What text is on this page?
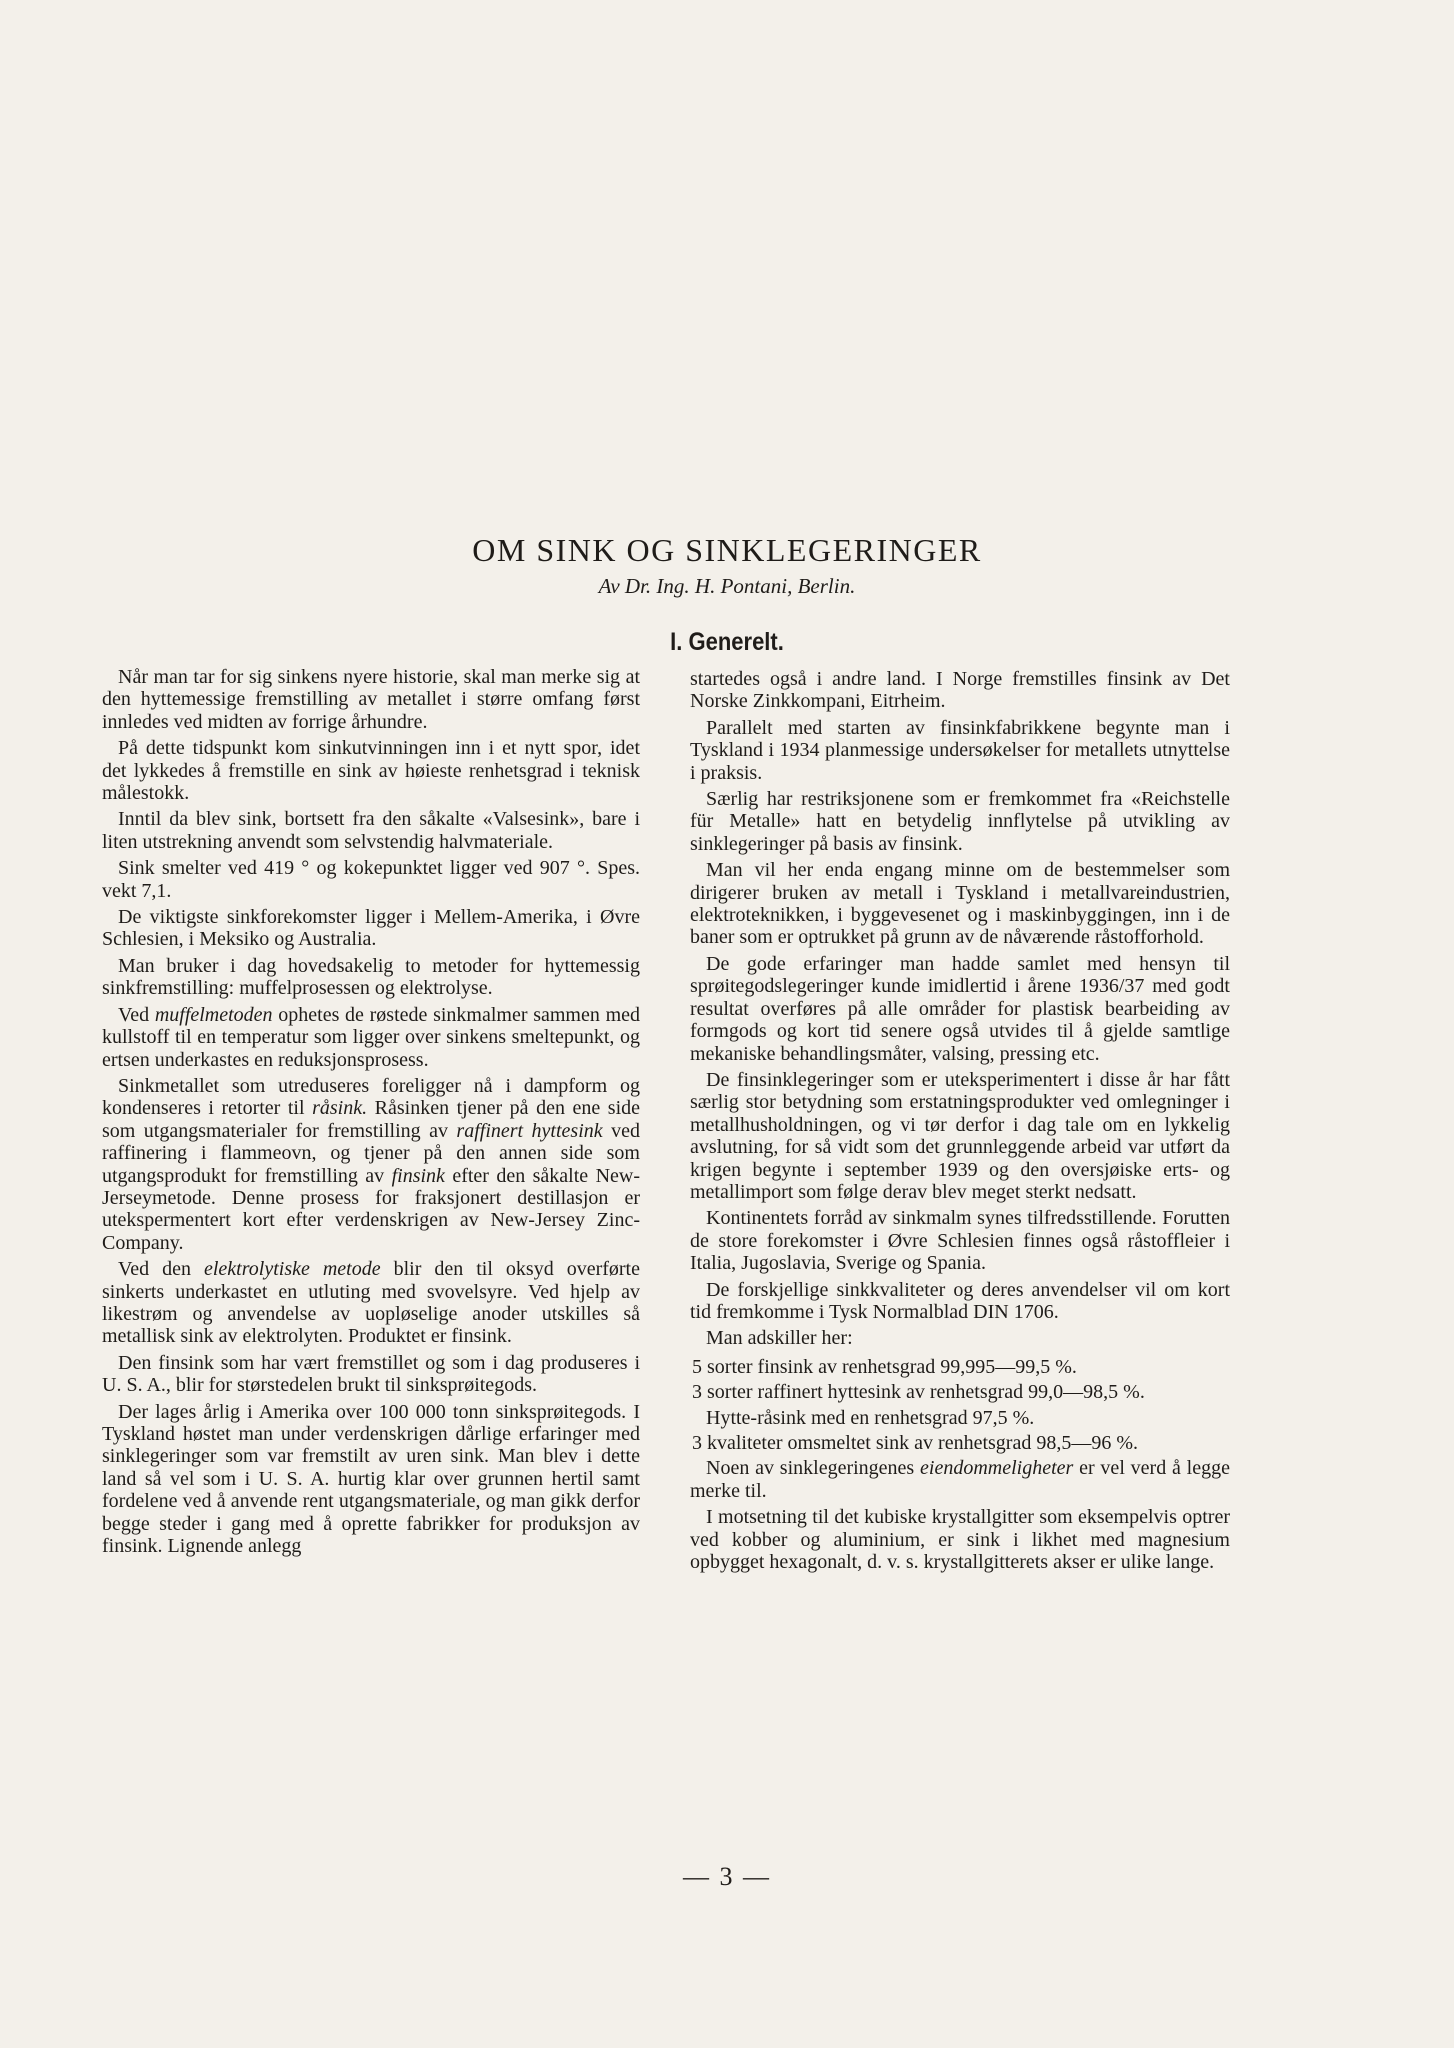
OM SINK OG SINKLEGERINGER
Av Dr. Ing. H. Pontani, Berlin.
I. Generelt.

Når man tar for sig sinkens nyere historie, skal man merke sig at den hyttemessige fremstilling av metallet i større omfang først innledes ved midten av forrige århundre.

På dette tidspunkt kom sinkutvinningen inn i et nytt spor, idet det lykkedes å fremstille en sink av høieste renhetsgrad i teknisk målestokk.

Inntil da blev sink, bortsett fra den såkalte «Valsesink», bare i liten utstrekning anvendt som selvstendig halvmateriale.

Sink smelter ved 419 ° og kokepunktet ligger ved 907 °. Spes. vekt 7,1.

De viktigste sinkforekomster ligger i Mellem-Amerika, i Øvre Schlesien, i Meksiko og Australia.

Man bruker i dag hovedsakelig to metoder for hyttemessig sinkfremstilling: muffelprosessen og elektrolyse.

Ved muffelmetoden ophetes de røstede sinkmalmer sammen med kullstoff til en temperatur som ligger over sinkens smeltepunkt, og ertsen underkastes en reduksjonsprosess.

Sinkmetallet som utreduseres foreligger nå i dampform og kondenseres i retorter til råsink. Råsinken tjener på den ene side som utgangsmaterialer for fremstilling av raffinert hyttesink ved raffinering i flammeovn, og tjener på den annen side som utgangsprodukt for fremstilling av finsink efter den såkalte New-Jerseymetode. Denne prosess for fraksjonert destillasjon er utekspermentert kort efter verdenskrigen av New-Jersey Zinc-Company.

Ved den elektrolytiske metode blir den til oksyd overførte sinkerts underkastet en utluting med svovelsyre. Ved hjelp av likestrøm og anvendelse av uopløselige anoder utskilles så metallisk sink av elektrolyten. Produktet er finsink.

Den finsink som har vært fremstillet og som i dag produseres i U. S. A., blir for størstedelen brukt til sinksprøitegods.

Der lages årlig i Amerika over 100 000 tonn sinksprøitegods. I Tyskland høstet man under verdenskrigen dårlige erfaringer med sinklegeringer som var fremstilt av uren sink. Man blev i dette land så vel som i U. S. A. hurtig klar over grunnen hertil samt fordelene ved å anvende rent utgangsmateriale, og man gikk derfor begge steder i gang med å oprette fabrikker for produksjon av finsink. Lignende anlegg

startedes også i andre land. I Norge fremstilles finsink av Det Norske Zinkkompani, Eitrheim.

Parallelt med starten av finsinkfabrikkene begynte man i Tyskland i 1934 planmessige undersøkelser for metallets utnyttelse i praksis.

Særlig har restriksjonene som er fremkommet fra «Reichstelle für Metalle» hatt en betydelig innflytelse på utvikling av sinklegeringer på basis av finsink.

Man vil her enda engang minne om de bestemmelser som dirigerer bruken av metall i Tyskland i metallvareindustrien, elektroteknikken, i byggevesenet og i maskinbyggingen, inn i de baner som er optrukket på grunn av de nåværende råstofforhold.

De gode erfaringer man hadde samlet med hensyn til sprøitegodslegeringer kunde imidlertid i årene 1936/37 med godt resultat overføres på alle områder for plastisk bearbeiding av formgods og kort tid senere også utvides til å gjelde samtlige mekaniske behandlingsmåter, valsing, pressing etc.

De finsinklegeringer som er uteksperimentert i disse år har fått særlig stor betydning som erstatningsprodukter ved omlegninger i metallhusholdningen, og vi tør derfor i dag tale om en lykkelig avslutning, for så vidt som det grunnleggende arbeid var utført da krigen begynte i september 1939 og den oversjøiske erts- og metallimport som følge derav blev meget sterkt nedsatt.

Kontinentets forråd av sinkmalm synes tilfredsstillende. Forutten de store forekomster i Øvre Schlesien finnes også råstoffleier i Italia, Jugoslavia, Sverige og Spania.

De forskjellige sinkkvaliteter og deres anvendelser vil om kort tid fremkomme i Tysk Normalblad DIN 1706.

Man adskiller her:

5 sorter finsink av renhetsgrad 99,995—99,5 %.

3 sorter raffinert hyttesink av renhetsgrad 99,0—98,5 %.

Hytte-råsink med en renhetsgrad 97,5 %.

3 kvaliteter omsmeltet sink av renhetsgrad 98,5—96 %.

Noen av sinklegeringenes eiendommeligheter er vel verd å legge merke til.

I motsetning til det kubiske krystallgitter som eksempelvis optrer ved kobber og aluminium, er sink i likhet med magnesium opbygget hexagonalt, d. v. s. krystallgitterets akser er ulike lange.

— 3 —
